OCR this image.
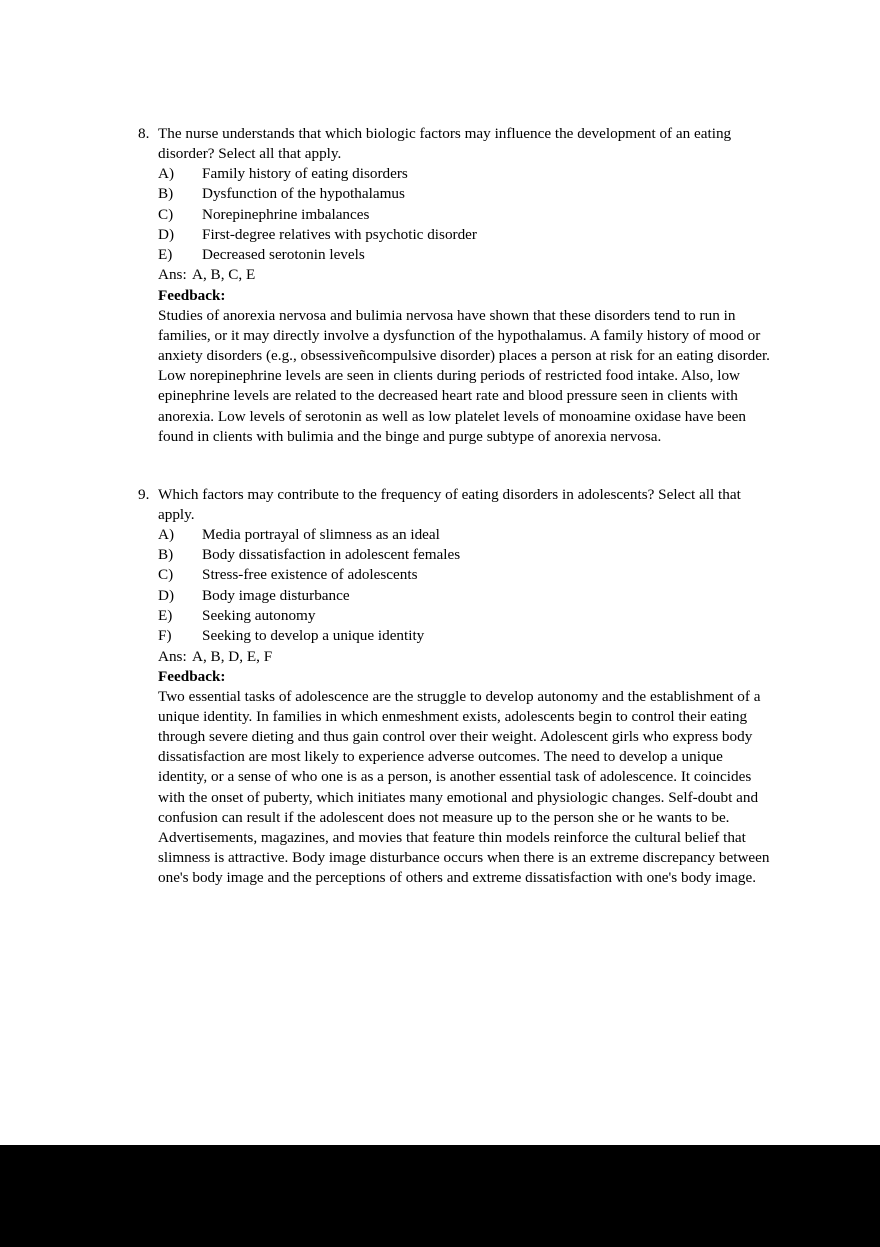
8. The nurse understands that which biologic factors may influence the development of an eating disorder? Select all that apply.
A) Family history of eating disorders
B) Dysfunction of the hypothalamus
C) Norepinephrine imbalances
D) First-degree relatives with psychotic disorder
E) Decreased serotonin levels
Ans: A, B, C, E
Feedback:
Studies of anorexia nervosa and bulimia nervosa have shown that these disorders tend to run in families, or it may directly involve a dysfunction of the hypothalamus. A family history of mood or anxiety disorders (e.g., obsessiveñcompulsive disorder) places a person at risk for an eating disorder. Low norepinephrine levels are seen in clients during periods of restricted food intake. Also, low epinephrine levels are related to the decreased heart rate and blood pressure seen in clients with anorexia. Low levels of serotonin as well as low platelet levels of monoamine oxidase have been found in clients with bulimia and the binge and purge subtype of anorexia nervosa.
9. Which factors may contribute to the frequency of eating disorders in adolescents? Select all that apply.
A) Media portrayal of slimness as an ideal
B) Body dissatisfaction in adolescent females
C) Stress-free existence of adolescents
D) Body image disturbance
E) Seeking autonomy
F) Seeking to develop a unique identity
Ans: A, B, D, E, F
Feedback:
Two essential tasks of adolescence are the struggle to develop autonomy and the establishment of a unique identity. In families in which enmeshment exists, adolescents begin to control their eating through severe dieting and thus gain control over their weight. Adolescent girls who express body dissatisfaction are most likely to experience adverse outcomes. The need to develop a unique identity, or a sense of who one is as a person, is another essential task of adolescence. It coincides with the onset of puberty, which initiates many emotional and physiologic changes. Self-doubt and confusion can result if the adolescent does not measure up to the person she or he wants to be. Advertisements, magazines, and movies that feature thin models reinforce the cultural belief that slimness is attractive. Body image disturbance occurs when there is an extreme discrepancy between one's body image and the perceptions of others and extreme dissatisfaction with one's body image.
